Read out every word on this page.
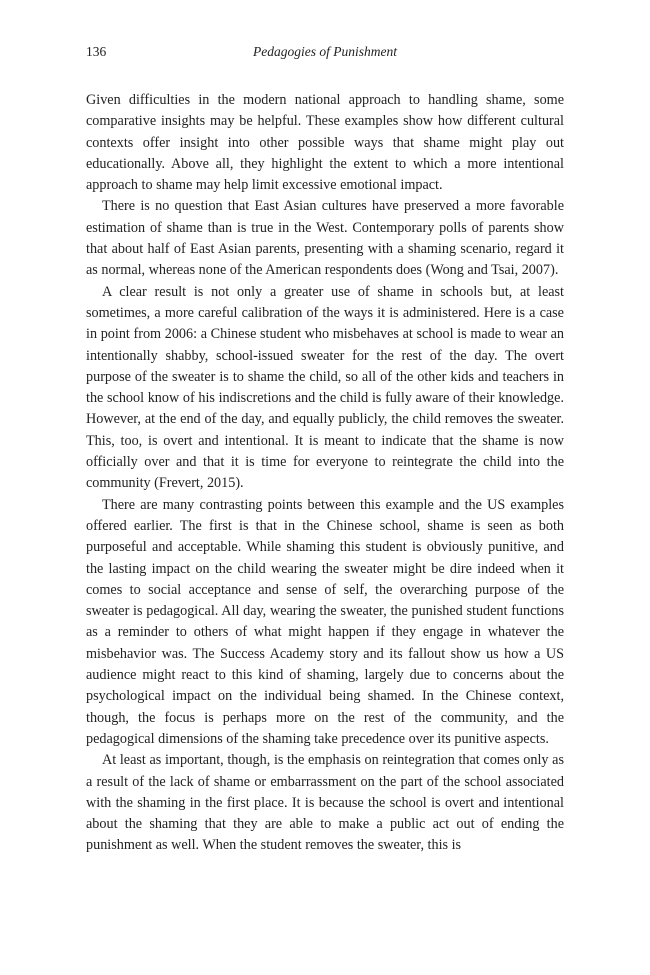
136	Pedagogies of Punishment

Given difficulties in the modern national approach to handling shame, some comparative insights may be helpful. These examples show how different cultural contexts offer insight into other possible ways that shame might play out educationally. Above all, they highlight the extent to which a more intentional approach to shame may help limit excessive emotional impact.

There is no question that East Asian cultures have preserved a more favorable estimation of shame than is true in the West. Contemporary polls of parents show that about half of East Asian parents, presenting with a shaming scenario, regard it as normal, whereas none of the American respondents does (Wong and Tsai, 2007).

A clear result is not only a greater use of shame in schools but, at least sometimes, a more careful calibration of the ways it is administered. Here is a case in point from 2006: a Chinese student who misbehaves at school is made to wear an intentionally shabby, school-issued sweater for the rest of the day. The overt purpose of the sweater is to shame the child, so all of the other kids and teachers in the school know of his indiscretions and the child is fully aware of their knowledge. However, at the end of the day, and equally publicly, the child removes the sweater. This, too, is overt and intentional. It is meant to indicate that the shame is now officially over and that it is time for everyone to reintegrate the child into the community (Frevert, 2015).

There are many contrasting points between this example and the US examples offered earlier. The first is that in the Chinese school, shame is seen as both purposeful and acceptable. While shaming this student is obviously punitive, and the lasting impact on the child wearing the sweater might be dire indeed when it comes to social acceptance and sense of self, the overarching purpose of the sweater is pedagogical. All day, wearing the sweater, the punished student functions as a reminder to others of what might happen if they engage in whatever the misbehavior was. The Success Academy story and its fallout show us how a US audience might react to this kind of shaming, largely due to concerns about the psychological impact on the individual being shamed. In the Chinese context, though, the focus is perhaps more on the rest of the community, and the pedagogical dimensions of the shaming take precedence over its punitive aspects.

At least as important, though, is the emphasis on reintegration that comes only as a result of the lack of shame or embarrassment on the part of the school associated with the shaming in the first place. It is because the school is overt and intentional about the shaming that they are able to make a public act out of ending the punishment as well. When the student removes the sweater, this is
